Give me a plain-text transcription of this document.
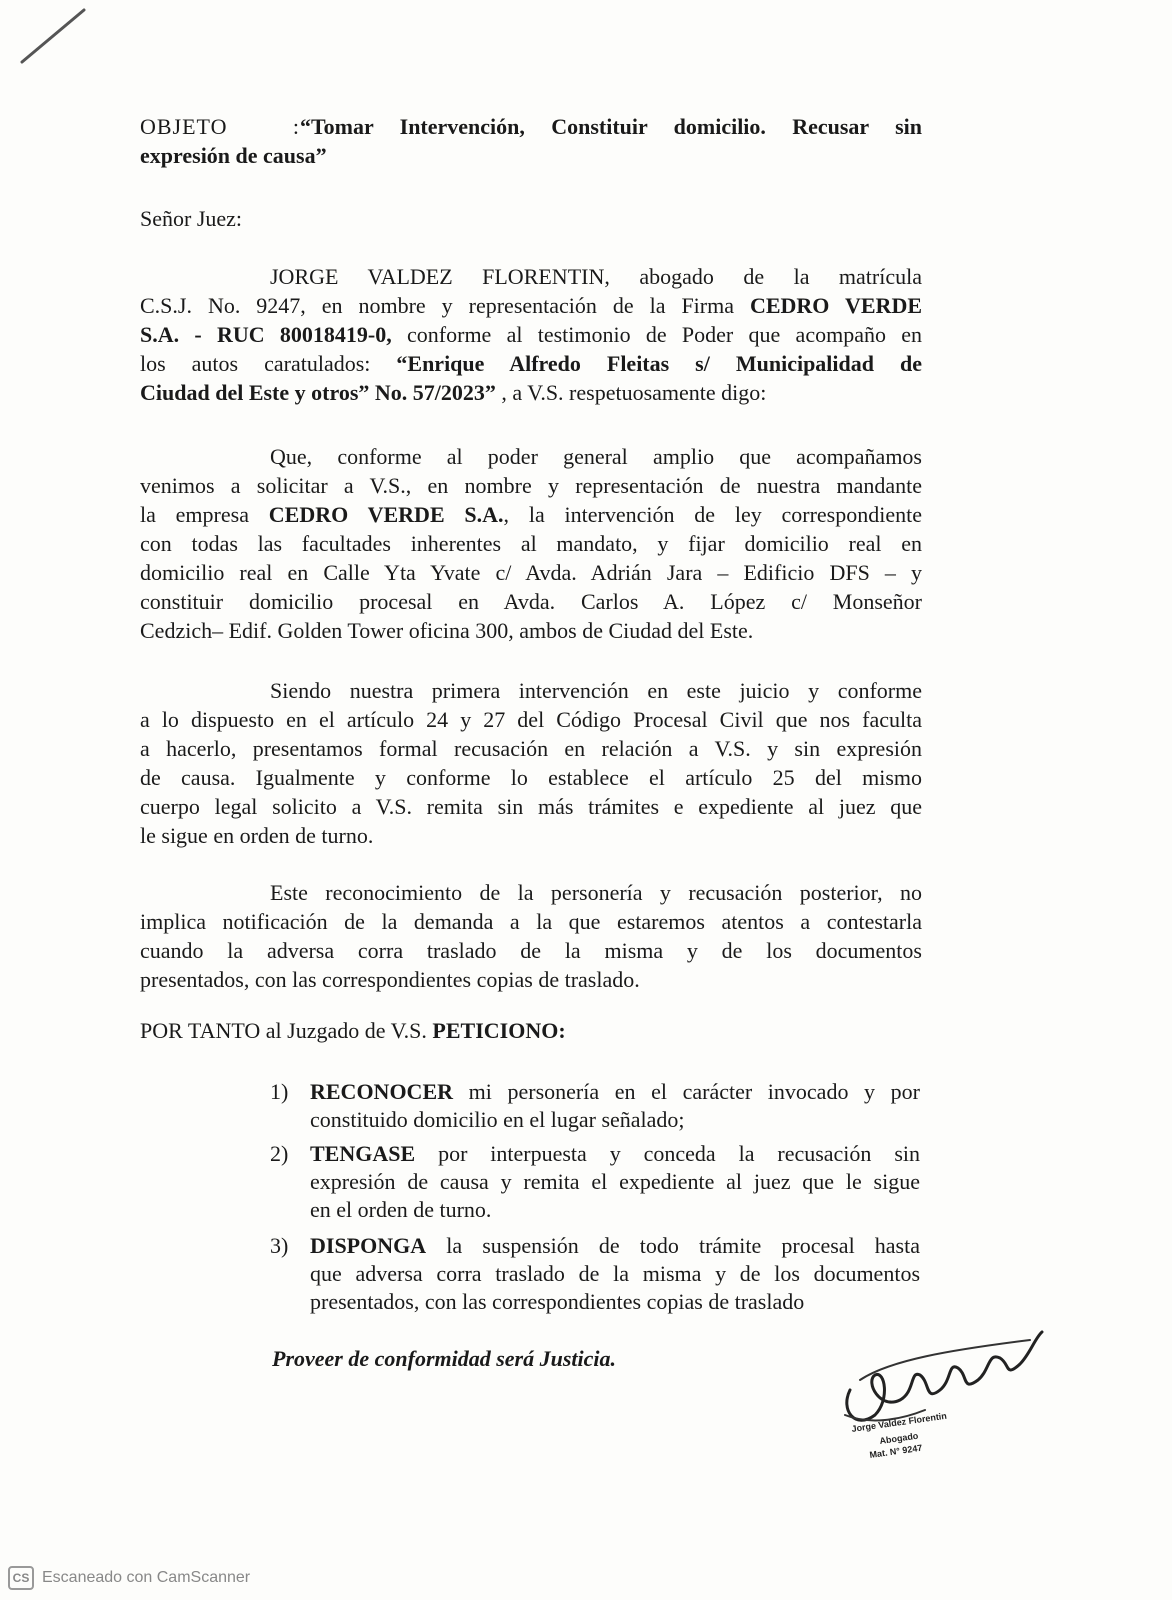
OBJETO :“Tomar Intervención, Constituir domicilio. Recusar sin
expresión de causa”
Señor Juez:
JORGE VALDEZ FLORENTIN, abogado de la matrícula
C.S.J. No. 9247, en nombre y representación de la Firma CEDRO VERDE
S.A. - RUC 80018419-0, conforme al testimonio de Poder que acompaño en
los autos caratulados: “Enrique Alfredo Fleitas s/ Municipalidad de
Ciudad del Este y otros” No. 57/2023” , a V.S. respetuosamente digo:
Que, conforme al poder general amplio que acompañamos
venimos a solicitar a V.S., en nombre y representación de nuestra mandante
la empresa CEDRO VERDE S.A., la intervención de ley correspondiente
con todas las facultades inherentes al mandato, y fijar domicilio real en
domicilio real en Calle Yta Yvate c/ Avda. Adrián Jara – Edificio DFS – y
constituir domicilio procesal en Avda. Carlos A. López c/ Monseñor
Cedzich– Edif. Golden Tower oficina 300, ambos de Ciudad del Este.
Siendo nuestra primera intervención en este juicio y conforme
a lo dispuesto en el artículo 24 y 27 del Código Procesal Civil que nos faculta
a hacerlo, presentamos formal recusación en relación a V.S. y sin expresión
de causa. Igualmente y conforme lo establece el artículo 25 del mismo
cuerpo legal solicito a V.S. remita sin más trámites e expediente al juez que
le sigue en orden de turno.
Este reconocimiento de la personería y recusación posterior, no
implica notificación de la demanda a la que estaremos atentos a contestarla
cuando la adversa corra traslado de la misma y de los documentos
presentados, con las correspondientes copias de traslado.
POR TANTO al Juzgado de V.S. PETICIONO:
1) RECONOCER mi personería en el carácter invocado y por
constituido domicilio en el lugar señalado;
2) TENGASE por interpuesta y conceda la recusación sin
expresión de causa y remita el expediente al juez que le sigue
en el orden de turno.
3) DISPONGA la suspensión de todo trámite procesal hasta
que adversa corra traslado de la misma y de los documentos
presentados, con las correspondientes copias de traslado
Proveer de conformidad será Justicia.
Jorge Valdez Florentin
Abogado
Mat. N° 9247
CS Escaneado con CamScanner
